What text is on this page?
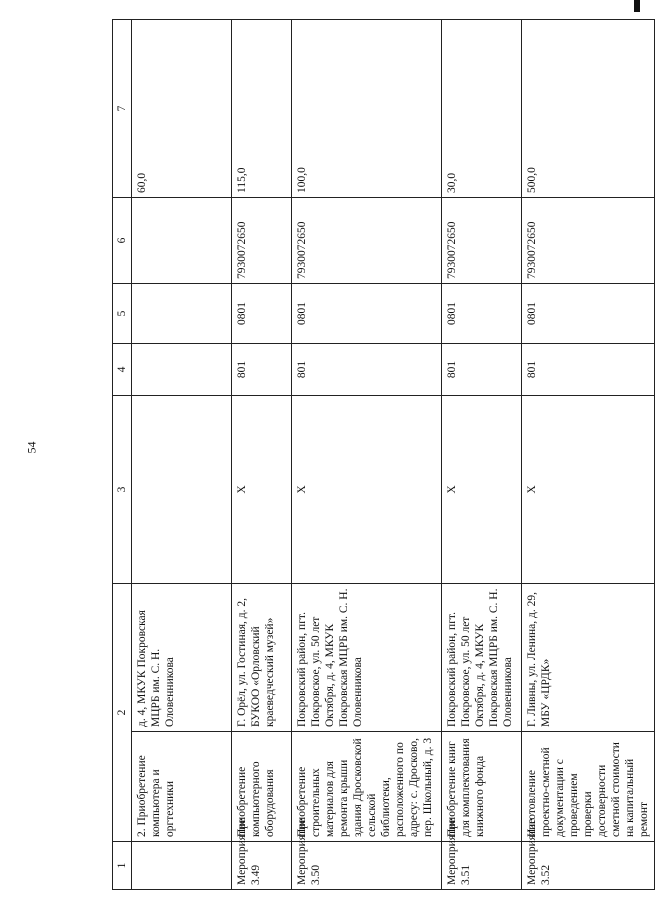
54
1	2		3	4	5	6	7
	2. Приобретение компьютера и оргтехники	д. 4, МКУК Покровская МЦРБ им. С. Н. Оловенникова					60,0
Мероприятие 3.49	Приобретение компьютерного оборудования	Г. Орёл, ул. Гостиная, д. 2, БУКОО «Орловский краеведческий музей»	Х	801	0801	7930072650	115,0
Мероприятие 3.50	Приобретение строительных материалов для ремонта крыши здания Дросковской сельской библиотеки, расположенного по адресу: с. Дросково, пер. Школьный, д. 3	Покровский район, пгт. Покровское, ул. 50 лет Октября, д. 4, МКУК Покровская МЦРБ им. С. Н. Оловенникова	Х	801	0801	7930072650	100,0
Мероприятие 3.51	Приобретение книг для комплектования книжного фонда	Покровский район, пгт. Покровское, ул. 50 лет Октября, д. 4, МКУК Покровская МЦРБ им. С. Н. Оловенникова	Х	801	0801	7930072650	30,0
Мероприятие 3.52	Изготовление проектно-сметной документации с проведением проверки достоверности сметной стоимости на капитальный ремонт	Г. Ливны, ул. Ленина, д. 29, МБУ «ЦРДК»	Х	801	0801	7930072650	500,0
